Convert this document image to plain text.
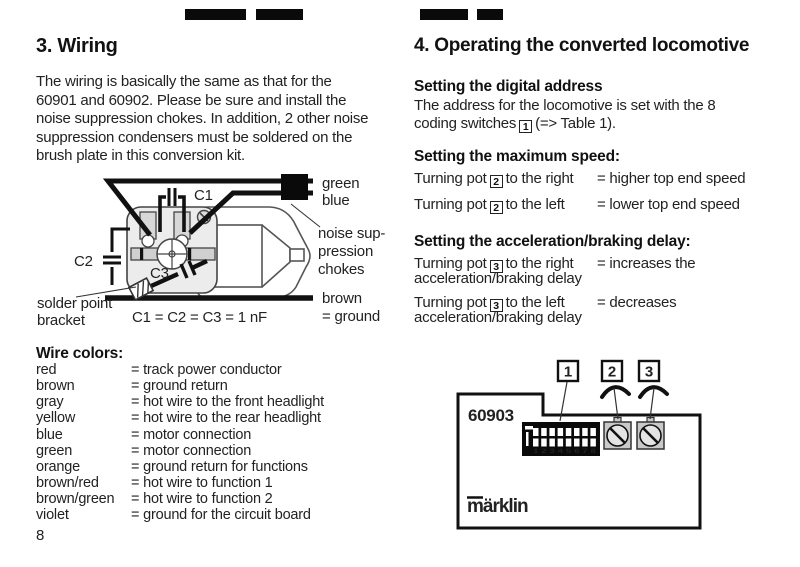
3. Wiring
The wiring is basically the same as that for the
60901 and 60902. Please be sure and install the
noise suppression chokes. In addition, 2 other noise
suppression condensers must be soldered on the
brush plate in this conversion kit.
C1
C2
C3
green
blue
noise sup-
pression
chokes
brown
= ground
solder point
bracket	C1 = C2 = C3 = 1 nF
Wire colors:
red	= track power conductor
brown	= ground return
gray	= hot wire to the front headlight
yellow	= hot wire to the rear headlight
blue	= motor connection
green	= motor connection
orange	= ground return for functions
brown/red = hot wire to function 1
brown/green = hot wire to function 2
violet	= ground for the circuit board
8
4. Operating the converted locomotive
Setting the digital address
The address for the locomotive is set with the 8
coding switches 1 (=> Table 1).
Setting the maximum speed:
Turning pot 2 to the right = higher top end speed
Turning pot 2 to the left = lower top end speed
Setting the acceleration/braking delay:
Turning pot 3 to the right = increases the
acceleration/braking delay
Turning pot 3 to the left = decreases
acceleration/braking delay
60903
1 2 3 4 5 6 7 8
1 2 3
märklin
